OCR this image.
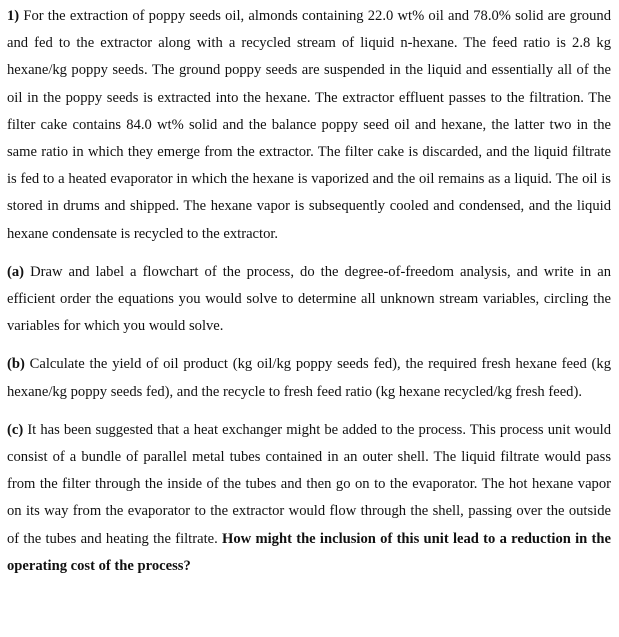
1) For the extraction of poppy seeds oil, almonds containing 22.0 wt% oil and 78.0% solid are ground and fed to the extractor along with a recycled stream of liquid n-hexane. The feed ratio is 2.8 kg hexane/kg poppy seeds. The ground poppy seeds are suspended in the liquid and essentially all of the oil in the poppy seeds is extracted into the hexane. The extractor effluent passes to the filtration. The filter cake contains 84.0 wt% solid and the balance poppy seed oil and hexane, the latter two in the same ratio in which they emerge from the extractor. The filter cake is discarded, and the liquid filtrate is fed to a heated evaporator in which the hexane is vaporized and the oil remains as a liquid. The oil is stored in drums and shipped. The hexane vapor is subsequently cooled and condensed, and the liquid hexane condensate is recycled to the extractor.

(a) Draw and label a flowchart of the process, do the degree-of-freedom analysis, and write in an efficient order the equations you would solve to determine all unknown stream variables, circling the variables for which you would solve.

(b) Calculate the yield of oil product (kg oil/kg poppy seeds fed), the required fresh hexane feed (kg hexane/kg poppy seeds fed), and the recycle to fresh feed ratio (kg hexane recycled/kg fresh feed).

(c) It has been suggested that a heat exchanger might be added to the process. This process unit would consist of a bundle of parallel metal tubes contained in an outer shell. The liquid filtrate would pass from the filter through the inside of the tubes and then go on to the evaporator. The hot hexane vapor on its way from the evaporator to the extractor would flow through the shell, passing over the outside of the tubes and heating the filtrate. How might the inclusion of this unit lead to a reduction in the operating cost of the process?
